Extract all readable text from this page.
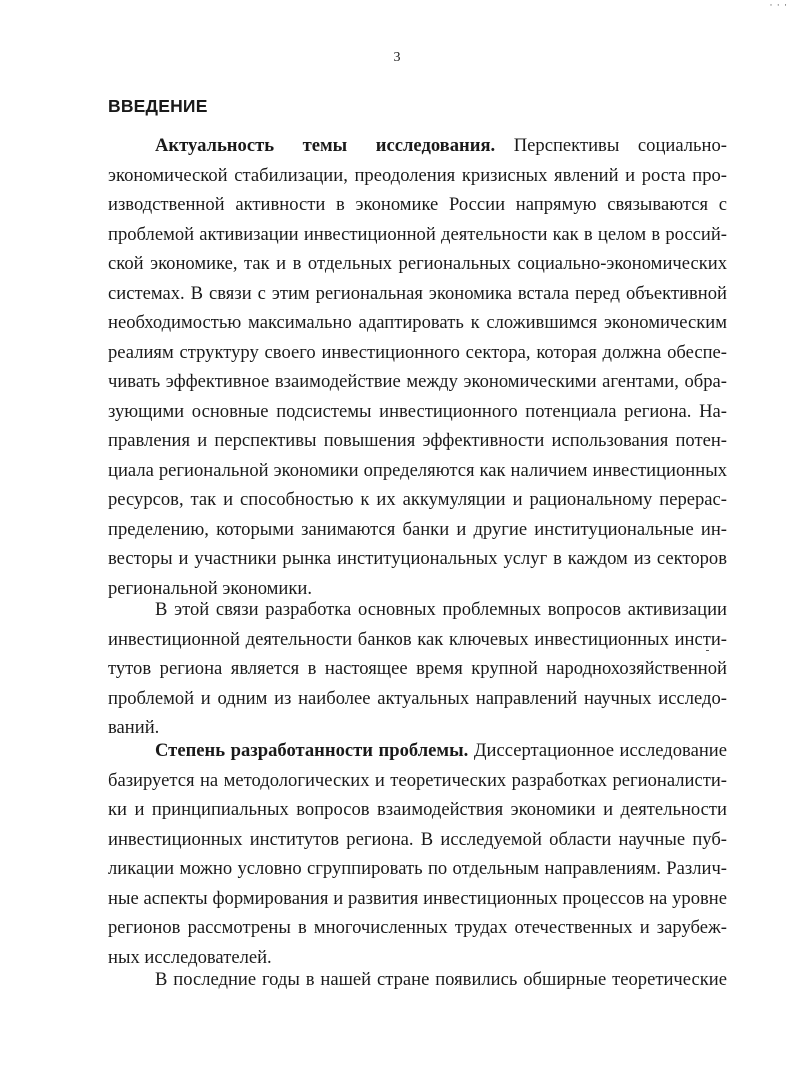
· · ·
3
ВВЕДЕНИЕ
Актуальность темы исследования. Перспективы социально-
экономической стабилизации, преодоления кризисных явлений и роста про-
изводственной активности в экономике России напрямую связываются с
проблемой активизации инвестиционной деятельности как в целом в россий-
ской экономике, так и в отдельных региональных социально-экономических
системах. В связи с этим региональная экономика встала перед объективной
необходимостью максимально адаптировать к сложившимся экономическим
реалиям структуру своего инвестиционного сектора, которая должна обеспе-
чивать эффективное взаимодействие между экономическими агентами, обра-
зующими основные подсистемы инвестиционного потенциала региона. На-
правления и перспективы повышения эффективности использования потен-
циала региональной экономики определяются как наличием инвестиционных
ресурсов, так и способностью к их аккумуляции и рациональному перерас-
пределению, которыми занимаются банки и другие институциональные ин-
весторы и участники рынка институциональных услуг в каждом из секторов
региональной экономики.
В этой связи разработка основных проблемных вопросов активизации
инвестиционной деятельности банков как ключевых инвестиционных инсти-
тутов региона является в настоящее время крупной народнохозяйственной
проблемой и одним из наиболее актуальных направлений научных исследо-
ваний.
Степень разработанности проблемы. Диссертационное исследование
базируется на методологических и теоретических разработках регионалисти-
ки и принципиальных вопросов взаимодействия экономики и деятельности
инвестиционных институтов региона. В исследуемой области научные пуб-
ликации можно условно сгруппировать по отдельным направлениям. Различ-
ные аспекты формирования и развития инвестиционных процессов на уровне
регионов рассмотрены в многочисленных трудах отечественных и зарубеж-
ных исследователей.
В последние годы в нашей стране появились обширные теоретические
